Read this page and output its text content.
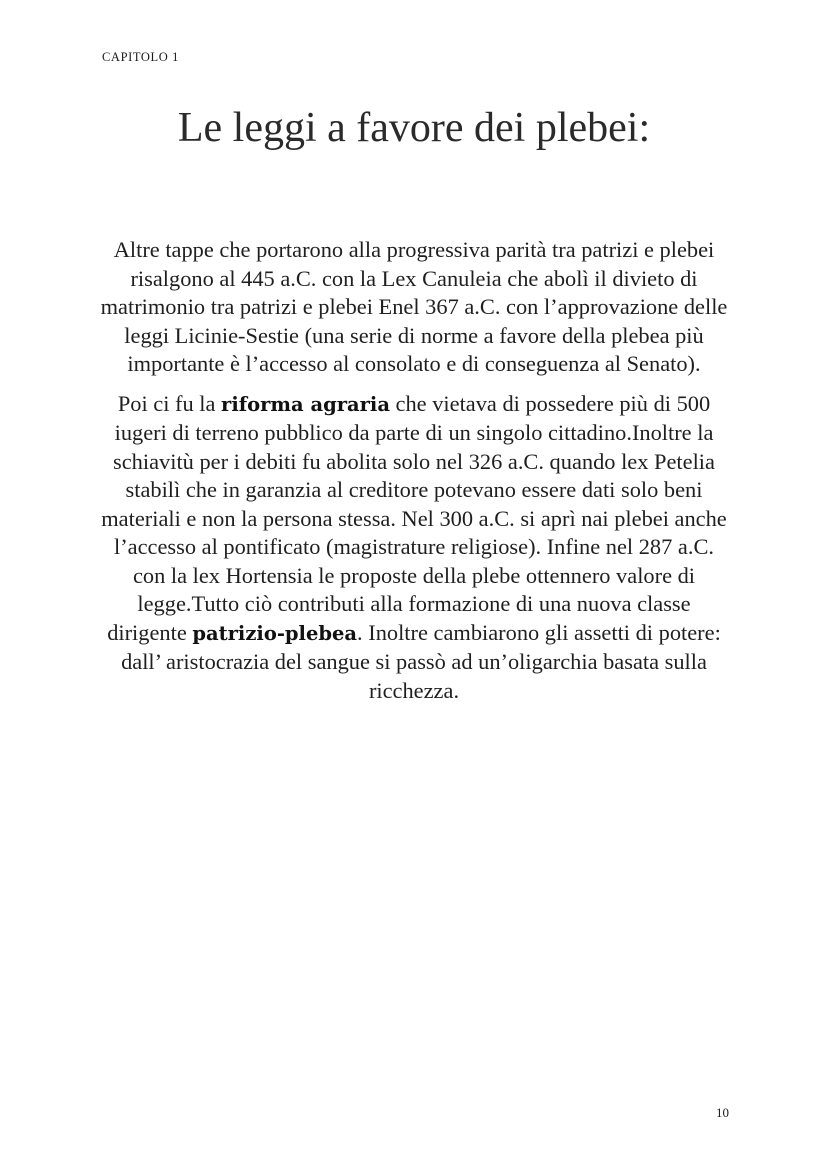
CAPITOLO 1
Le leggi a favore dei plebei:

Altre tappe che portarono alla progressiva parità tra patrizi e plebei risalgono al 445 a.C. con la Lex Canuleia che abolì il divieto di matrimonio tra patrizi e plebei Enel 367 a.C. con l’approvazione delle leggi Licinie-Sestie (una serie di norme a favore della plebea più importante è l’accesso al consolato e di conseguenza al Senato).

Poi ci fu la riforma agraria che vietava di possedere più di 500 iugeri di terreno pubblico da parte di un singolo cittadino.Inoltre la schiavitù per i debiti fu abolita solo nel 326 a.C. quando lex Petelia stabilì che in garanzia al creditore potevano essere dati solo beni materiali e non la persona stessa. Nel 300 a.C. si aprì nai plebei anche l’accesso al pontificato (magistrature religiose). Infine nel 287 a.C. con la lex Hortensia le proposte della plebe ottennero valore di legge.Tutto ciò contributi alla formazione di una nuova classe dirigente patrizio-plebea. Inoltre cambiarono gli assetti di potere: dall’ aristocrazia del sangue si passò ad un’oligarchia basata sulla ricchezza.

10
